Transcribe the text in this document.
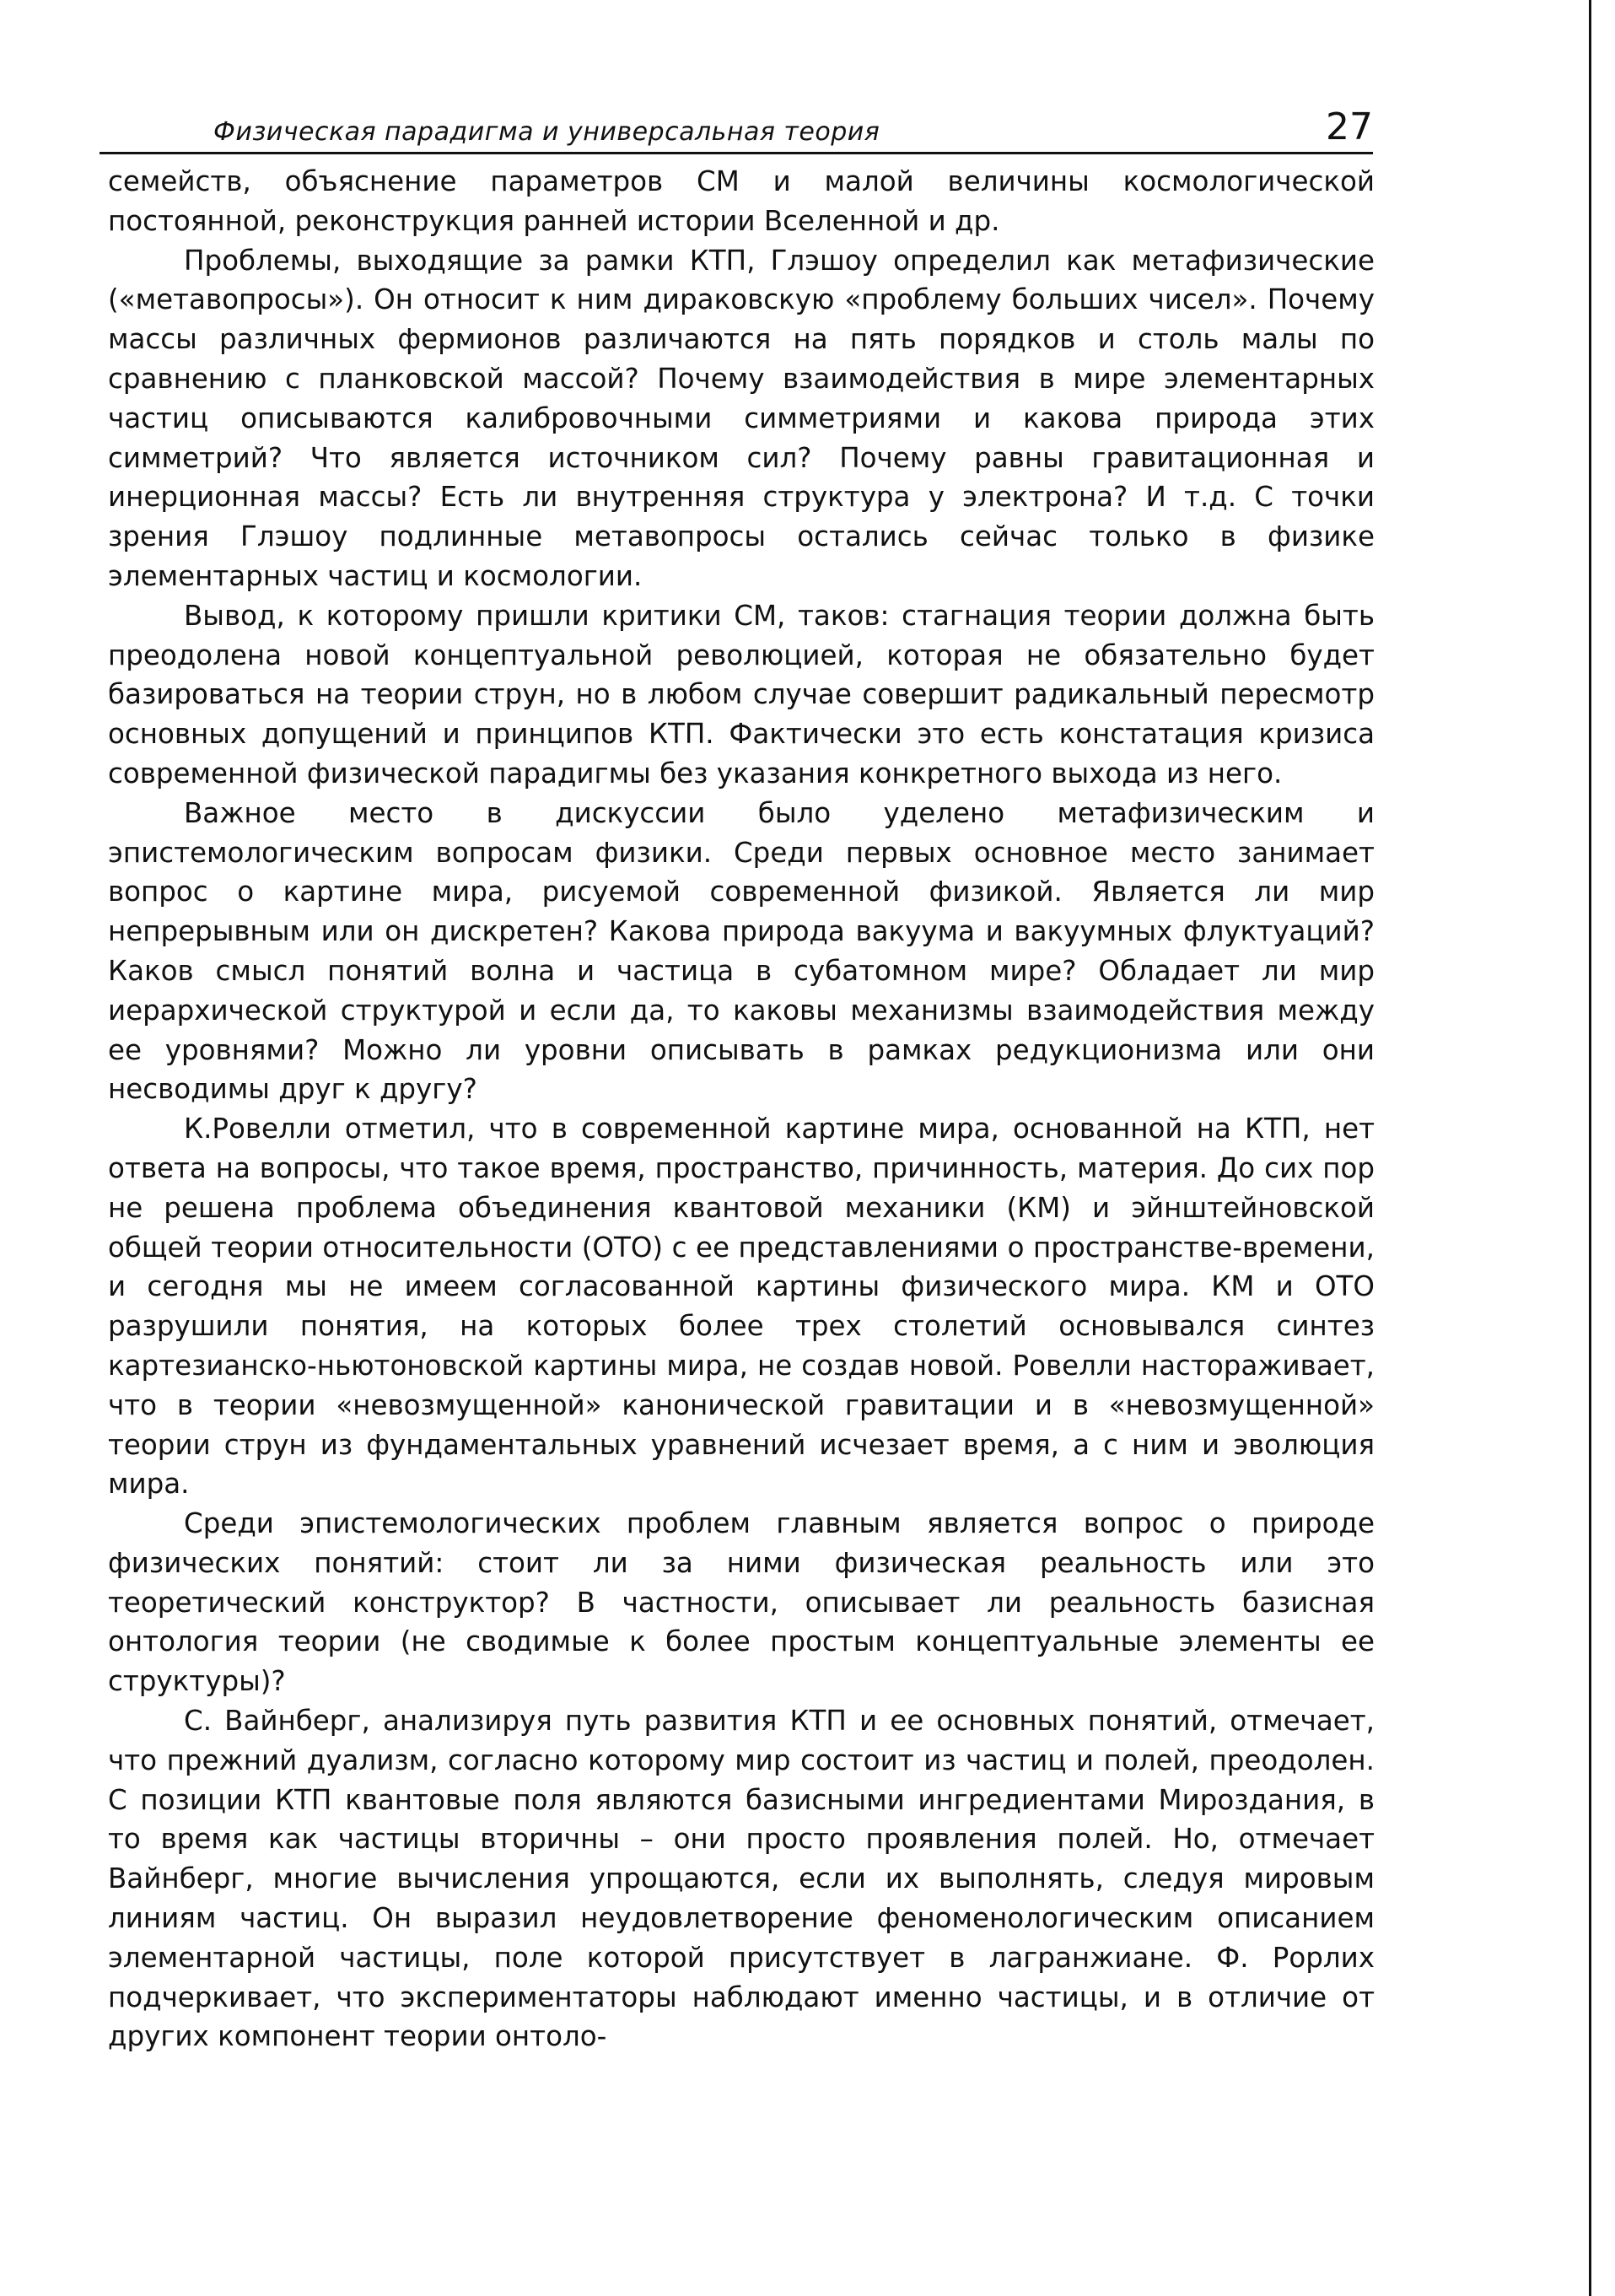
Физическая парадигма и универсальная теория	27

семейств, объяснение параметров СМ и малой величины космологической постоянной, реконструкция ранней истории Вселенной и др.

Проблемы, выходящие за рамки КТП, Глэшоу определил как метафизические («метавопросы»). Он относит к ним дираковскую «проблему больших чисел». Почему массы различных фермионов различаются на пять порядков и столь малы по сравнению с планковской массой? Почему взаимодействия в мире элементарных частиц описываются калибровочными симметриями и какова природа этих симметрий? Что является источником сил? Почему равны гравитационная и инерционная массы? Есть ли внутренняя структура у электрона? И т.д. С точки зрения Глэшоу подлинные метавопросы остались сейчас только в физике элементарных частиц и космологии.

Вывод, к которому пришли критики СМ, таков: стагнация теории должна быть преодолена новой концептуальной революцией, которая не обязательно будет базироваться на теории струн, но в любом случае совершит радикальный пересмотр основных допущений и принципов КТП. Фактически это есть констатация кризиса современной физической парадигмы без указания конкретного выхода из него.

Важное место в дискуссии было уделено метафизическим и эпистемологическим вопросам физики. Среди первых основное место занимает вопрос о картине мира, рисуемой современной физикой. Является ли мир непрерывным или он дискретен? Какова природа вакуума и вакуумных флуктуаций? Каков смысл понятий волна и частица в субатомном мире? Обладает ли мир иерархической структурой и если да, то каковы механизмы взаимодействия между ее уровнями? Можно ли уровни описывать в рамках редукционизма или они несводимы друг к другу?

К.Ровелли отметил, что в современной картине мира, основанной на КТП, нет ответа на вопросы, что такое время, пространство, причинность, материя. До сих пор не решена проблема объединения квантовой механики (КМ) и эйнштейновской общей теории относительности (ОТО) с ее представлениями о пространстве-времени, и сегодня мы не имеем согласованной картины физического мира. КМ и ОТО разрушили понятия, на которых более трех столетий основывался синтез картезианско-ньютоновской картины мира, не создав новой. Ровелли настораживает, что в теории «невозмущенной» канонической гравитации и в «невозмущенной» теории струн из фундаментальных уравнений исчезает время, а с ним и эволюция мира.

Среди эпистемологических проблем главным является вопрос о природе физических понятий: стоит ли за ними физическая реальность или это теоретический конструктор? В частности, описывает ли реальность базисная онтология теории (не сводимые к более простым концептуальные элементы ее структуры)?

С. Вайнберг, анализируя путь развития КТП и ее основных понятий, отмечает, что прежний дуализм, согласно которому мир состоит из частиц и полей, преодолен. С позиции КТП квантовые поля являются базисными ингредиентами Мироздания, в то время как частицы вторичны – они просто проявления полей. Но, отмечает Вайнберг, многие вычисления упрощаются, если их выполнять, следуя мировым линиям частиц. Он выразил неудовлетворение феноменологическим описанием элементарной частицы, поле которой присутствует в лагранжиане. Ф. Рорлих подчеркивает, что экспериментаторы наблюдают именно частицы, и в отличие от других компонент теории онтоло-
